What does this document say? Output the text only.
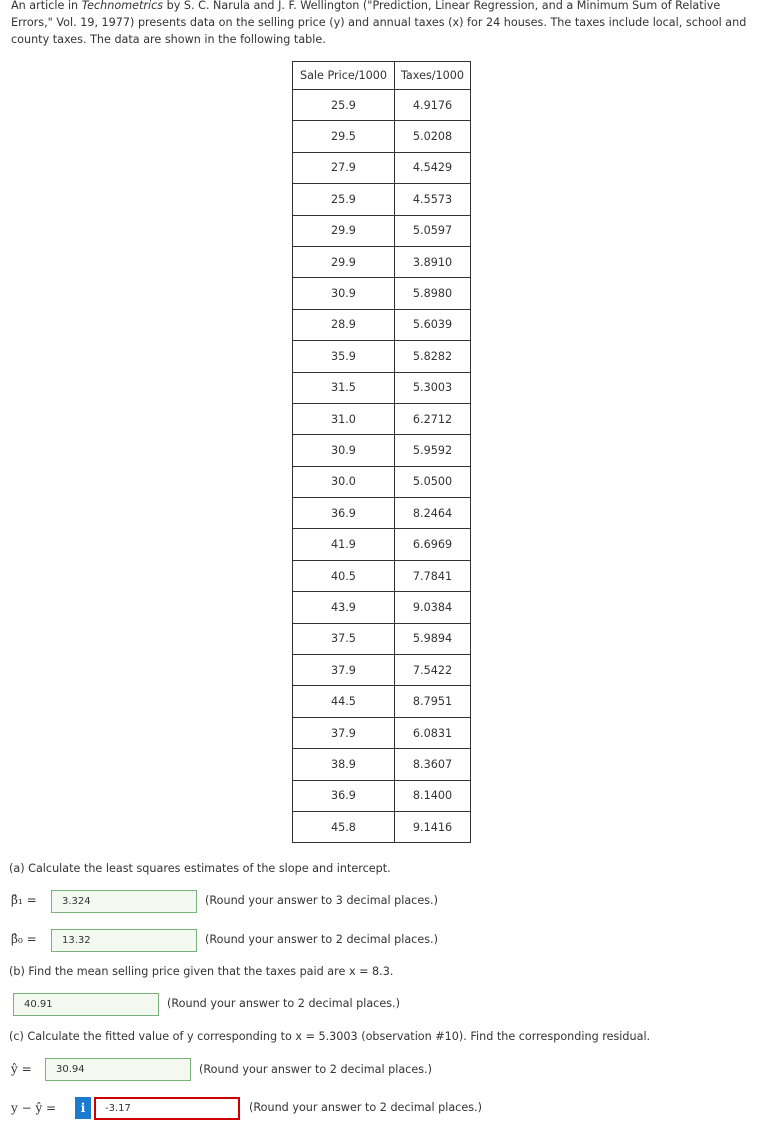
An article in Technometrics by S. C. Narula and J. F. Wellington ("Prediction, Linear Regression, and a Minimum Sum of Relative Errors," Vol. 19, 1977) presents data on the selling price (y) and annual taxes (x) for 24 houses. The taxes include local, school and county taxes. The data are shown in the following table.
Sale Price/1000	Taxes/1000
25.9	4.9176
29.5	5.0208
27.9	4.5429
25.9	4.5573
29.9	5.0597
29.9	3.8910
30.9	5.8980
28.9	5.6039
35.9	5.8282
31.5	5.3003
31.0	6.2712
30.9	5.9592
30.0	5.0500
36.9	8.2464
41.9	6.6969
40.5	7.7841
43.9	9.0384
37.5	5.9894
37.9	7.5422
44.5	8.7951
37.9	6.0831
38.9	8.3607
36.9	8.1400
45.8	9.1416
(a) Calculate the least squares estimates of the slope and intercept.
β̂₁ =	3.324	(Round your answer to 3 decimal places.)
β̂₀ =	13.32	(Round your answer to 2 decimal places.)
(b) Find the mean selling price given that the taxes paid are x = 8.3.
40.91	(Round your answer to 2 decimal places.)
(c) Calculate the fitted value of y corresponding to x = 5.3003 (observation #10). Find the corresponding residual.
ŷ =	30.94	(Round your answer to 2 decimal places.)
y − ŷ =	i	-3.17	(Round your answer to 2 decimal places.)
